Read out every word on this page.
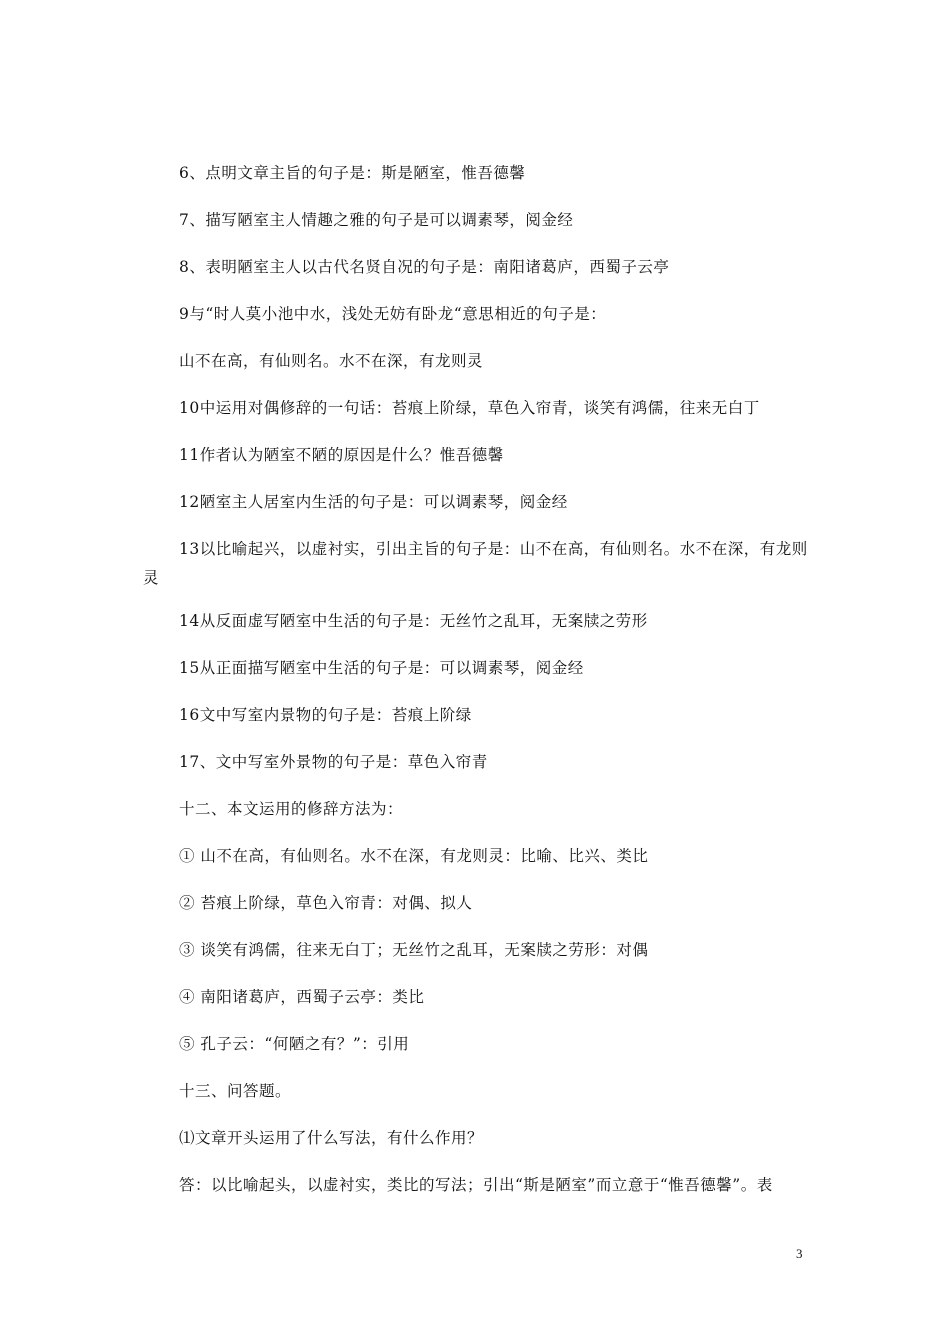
6、点明文章主旨的句子是：斯是陋室，惟吾德馨
7、描写陋室主人情趣之雅的句子是可以调素琴，阅金经
8、表明陋室主人以古代名贤自况的句子是：南阳诸葛庐，西蜀子云亭
9与“时人莫小池中水，浅处无妨有卧龙“意思相近的句子是：
山不在高，有仙则名。水不在深，有龙则灵
10中运用对偶修辞的一句话：苔痕上阶绿，草色入帘青，谈笑有鸿儒，往来无白丁
11作者认为陋室不陋的原因是什么？惟吾德馨
12陋室主人居室内生活的句子是：可以调素琴，阅金经
13以比喻起兴，以虚衬实，引出主旨的句子是：山不在高，有仙则名。水不在深，有龙则灵
14从反面虚写陋室中生活的句子是：无丝竹之乱耳，无案牍之劳形
15从正面描写陋室中生活的句子是：可以调素琴，阅金经
16文中写室内景物的句子是：苔痕上阶绿
17、文中写室外景物的句子是：草色入帘青
十二、本文运用的修辞方法为：
① 山不在高，有仙则名。水不在深，有龙则灵：比喻、比兴、类比
② 苔痕上阶绿，草色入帘青：对偶、拟人
③ 谈笑有鸿儒，往来无白丁；无丝竹之乱耳，无案牍之劳形：对偶
④ 南阳诸葛庐，西蜀子云亭：类比
⑤ 孔子云：“何陋之有？”：引用
十三、问答题。
⑴文章开头运用了什么写法，有什么作用？
答：以比喻起头，以虚衬实，类比的写法；引出“斯是陋室”而立意于“惟吾德馨”。表
3
